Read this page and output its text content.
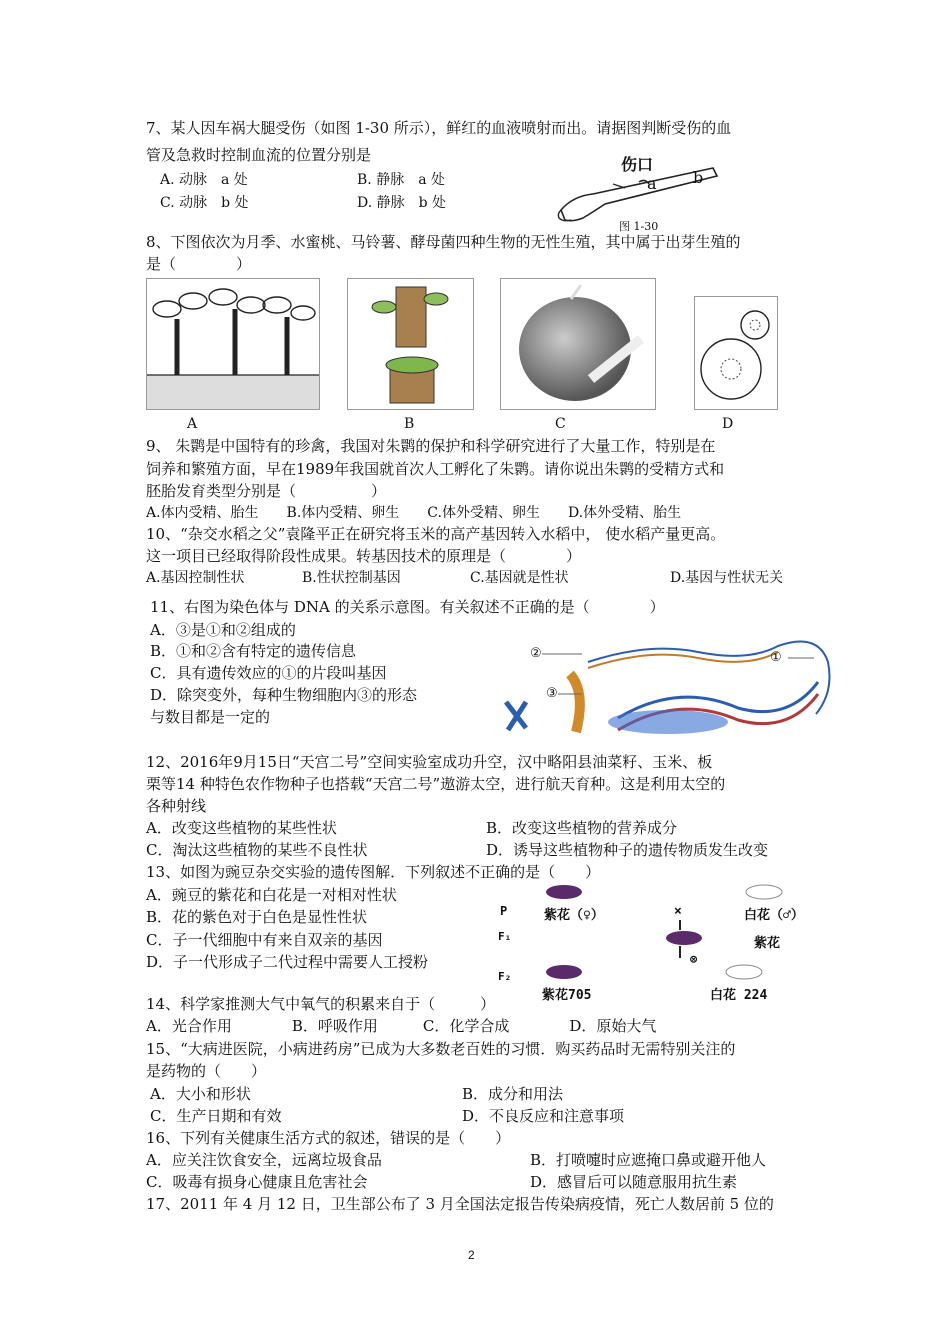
7、某人因车祸大腿受伤（如图 1-30 所示），鲜红的血液喷射而出。请据图判断受伤的血
管及急救时控制血流的位置分别是
A. 动脉　a 处	B. 静脉　a 处
C. 动脉　b 处	D. 静脉　b 处
伤口
a b
图 1-30
8、下图依次为月季、水蜜桃、马铃薯、酵母菌四种生物的无性生殖，其中属于出芽生殖的
是（　　　　）
A	B	C	D
9、 朱鹮是中国特有的珍禽，我国对朱鹮的保护和科学研究进行了大量工作，特别是在
饲养和繁殖方面，早在1989年我国就首次人工孵化了朱鹮。请你说出朱鹮的受精方式和
胚胎发育类型分别是（　　　　　）
A.体内受精、胎生　　B.体内受精、卵生　　C.体外受精、卵生　　D.体外受精、胎生
10、“杂交水稻之父”袁隆平正在研究将玉米的高产基因转入水稻中， 使水稻产量更高。
这一项目已经取得阶段性成果。转基因技术的原理是（　　　　）
A.基因控制性状	B.性状控制基因	C.基因就是性状	D.基因与性状无关
11、右图为染色体与 DNA 的关系示意图。有关叙述不正确的是（　　　　）
A．③是①和②组成的
B．①和②含有特定的遗传信息
C．具有遗传效应的①的片段叫基因
D．除突变外，每种生物细胞内③的形态
与数目都是一定的
②
③
①
12、2016年9月15日“天宫二号”空间实验室成功升空，汉中略阳县油菜籽、玉米、板
栗等14 种特色农作物种子也搭载“天宫二号”遨游太空，进行航天育种。这是利用太空的
各种射线
A．改变这些植物的某些性状	B．改变这些植物的营养成分
C．淘汰这些植物的某些不良性状	D．诱导这些植物种子的遗传物质发生改变
13、如图为豌豆杂交实验的遗传图解．下列叙述不正确的是（　　）
A．豌豆的紫花和白花是一对相对性状
B．花的紫色对于白色是显性性状
C．子一代细胞中有来自双亲的基因
D．子一代形成子二代过程中需要人工授粉
P
F₁
F₂
紫花（♀）	×	白花（♂）
紫花
⊗
紫花705	白花 224
14、科学家推测大气中氧气的积累来自于（　　　）
A．光合作用　　　　B．呼吸作用　　　C．化学合成　　　　D．原始大气
15、“大病进医院，小病进药房”已成为大多数老百姓的习惯．购买药品时无需特别关注的
是药物的（　　）
A．大小和形状	B．成分和用法
C．生产日期和有效	D．不良反应和注意事项
16、下列有关健康生活方式的叙述，错误的是（　　）
A．应关注饮食安全，远离垃圾食品	B．打喷嚏时应遮掩口鼻或避开他人
C．吸毒有损身心健康且危害社会	D．感冒后可以随意服用抗生素
17、2011 年 4 月 12 日，卫生部公布了 3 月全国法定报告传染病疫情，死亡人数居前 5 位的
2
